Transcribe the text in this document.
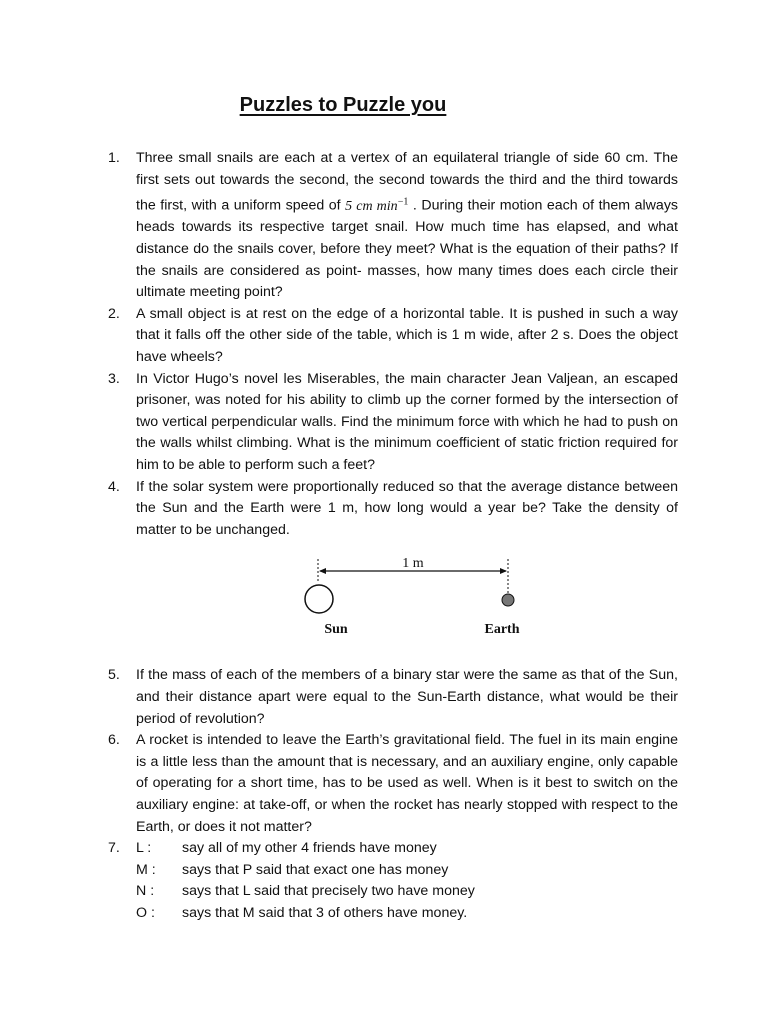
Puzzles to Puzzle you
1. Three small snails are each at a vertex of an equilateral triangle of side 60 cm. The first sets out towards the second, the second towards the third and the third towards the first, with a uniform speed of 5 cm $\min^{-1}$ . During their motion each of them always heads towards its respective target snail. How much time has elapsed, and what distance do the snails cover, before they meet? What is the equation of their paths? If the snails are considered as point- masses, how many times does each circle their ultimate meeting point?
2. A small object is at rest on the edge of a horizontal table. It is pushed in such a way that it falls off the other side of the table, which is 1 m wide, after 2 s. Does the object have wheels?
3. In Victor Hugo’s novel les Miserables, the main character Jean Valjean, an escaped prisoner, was noted for his ability to climb up the corner formed by the intersection of two vertical perpendicular walls. Find the minimum force with which he had to push on the walls whilst climbing. What is the minimum coefficient of static friction required for him to be able to perform such a feet?
4. If the solar system were proportionally reduced so that the average distance between the Sun and the Earth were 1 m, how long would a year be? Take the density of matter to be unchanged.
1 m
Sun	Earth
5. If the mass of each of the members of a binary star were the same as that of the Sun, and their distance apart were equal to the Sun-Earth distance, what would be their period of revolution?
6. A rocket is intended to leave the Earth’s gravitational field. The fuel in its main engine is a little less than the amount that is necessary, and an auxiliary engine, only capable of operating for a short time, has to be used as well. When is it best to switch on the auxiliary engine: at take-off, or when the rocket has nearly stopped with respect to the Earth, or does it not matter?
7. L :	say all of my other 4 friends have money
M :	says that P said that exact one has money
N :	says that L said that precisely two have money
O :	says that M said that 3 of others have money.
